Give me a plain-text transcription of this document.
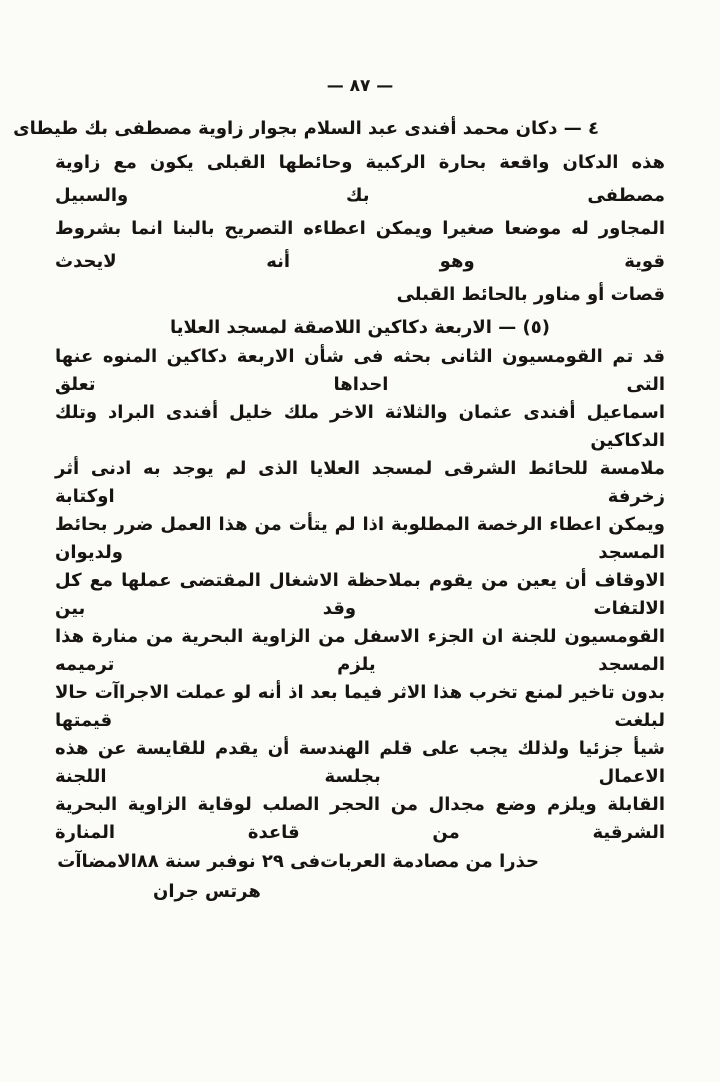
— ٨٧ —
٤ — دكان محمد أفندى عبد السلام بجوار زاوية مصطفى بك طيطاى
هذه الدكان واقعة بحارة الركبية وحائطها القبلى يكون مع زاوية مصطفى بك والسبيل
المجاور له موضعا صغيرا ويمكن اعطاءه التصريح بالبنا انما بشروط قوية وهو أنه لايحدث
قصات أو مناور بالحائط القبلى
(٥) — الاربعة دكاكين اللاصقة لمسجد العلايا
قد تم القومسيون الثانى بحثه فى شأن الاربعة دكاكين المنوه عنها التى احداها تعلق
اسماعيل أفندى عثمان والثلاثة الاخر ملك خليل أفندى البراد وتلك الدكاكين
ملامسة للحائط الشرقى لمسجد العلايا الذى لم يوجد به ادنى أثر زخرفة اوكتابة
ويمكن اعطاء الرخصة المطلوبة اذا لم يتأت من هذا العمل ضرر بحائط المسجد ولديوان
الاوقاف أن يعين من يقوم بملاحظة الاشغال المقتضى عملها مع كل الالتفات وقد بين
القومسيون للجنة ان الجزء الاسفل من الزاوية البحرية من منارة هذا المسجد يلزم ترميمه
بدون تاخير لمنع تخرب هذا الاثر فيما بعد اذ أنه لو عملت الاجراآت حالا لبلغت قيمتها
شيأ جزئيا ولذلك يجب على قلم الهندسة أن يقدم للقايسة عن هذه الاعمال بجلسة اللجنة
القابلة ويلزم وضع مجدال من الحجر الصلب لوقاية الزاوية البحرية الشرقية من قاعدة المنارة
حذرا من مصادمة العربات
فى ٢٩ نوفبر سنة ٨٨
الامضاآت
هرتس جران
